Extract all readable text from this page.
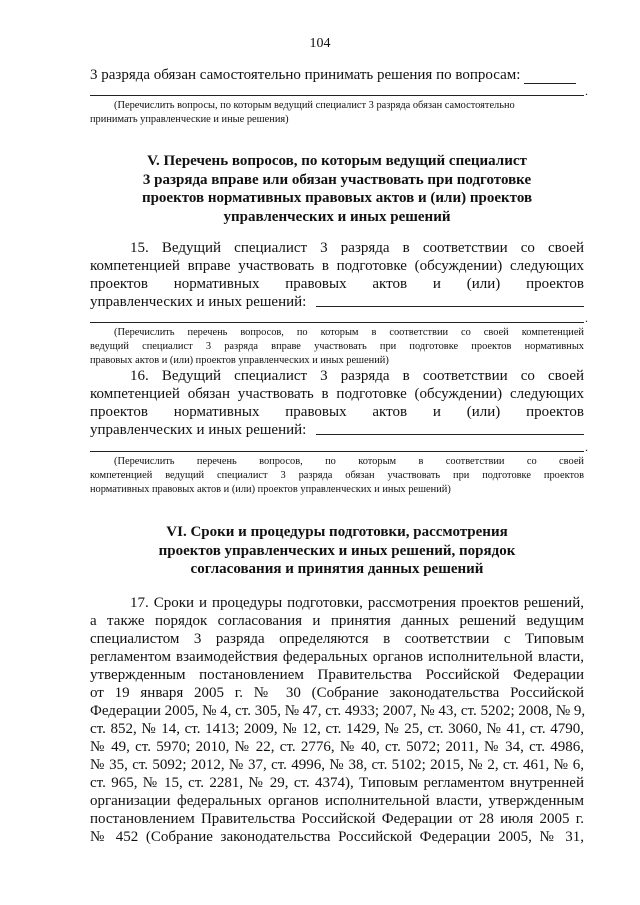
104
3 разряда обязан самостоятельно принимать решения по вопросам:
.
(Перечислить вопросы, по которым ведущий специалист 3 разряда обязан самостоятельно
принимать управленческие и иные решения)
V. Перечень вопросов, по которым ведущий специалист
3 разряда вправе или обязан участвовать при подготовке
проектов нормативных правовых актов и (или) проектов
управленческих и иных решений
15. Ведущий специалист 3 разряда в соответствии со своей
компетенцией вправе участвовать в подготовке (обсуждении) следующих
проектов нормативных правовых актов и (или) проектов
управленческих и иных решений:
.
(Перечислить перечень вопросов, по которым в соответствии со своей компетенцией
ведущий специалист 3 разряда вправе участвовать при подготовке проектов нормативных
правовых актов и (или) проектов управленческих и иных решений)
16. Ведущий специалист 3 разряда в соответствии со своей
компетенцией обязан участвовать в подготовке (обсуждении) следующих
проектов нормативных правовых актов и (или) проектов
управленческих и иных решений:
.
(Перечислить перечень вопросов, по которым в соответствии со своей
компетенцией ведущий специалист 3 разряда обязан участвовать при подготовке проектов
нормативных правовых актов и (или) проектов управленческих и иных решений)
VI. Сроки и процедуры подготовки, рассмотрения
проектов управленческих и иных решений, порядок
согласования и принятия данных решений
17. Сроки и процедуры подготовки, рассмотрения проектов решений,
а также порядок согласования и принятия данных решений ведущим
специалистом 3 разряда определяются в соответствии с Типовым
регламентом взаимодействия федеральных органов исполнительной власти,
утвержденным постановлением Правительства Российской Федерации
от 19 января 2005 г. № 30 (Собрание законодательства Российской
Федерации 2005, № 4, ст. 305, № 47, ст. 4933; 2007, № 43, ст. 5202; 2008, № 9,
ст. 852, № 14, ст. 1413; 2009, № 12, ст. 1429, № 25, ст. 3060, № 41, ст. 4790,
№ 49, ст. 5970; 2010, № 22, ст. 2776, № 40, ст. 5072; 2011, № 34, ст. 4986,
№ 35, ст. 5092; 2012, № 37, ст. 4996, № 38, ст. 5102; 2015, № 2, ст. 461, № 6,
ст. 965, № 15, ст. 2281, № 29, ст. 4374), Типовым регламентом внутренней
организации федеральных органов исполнительной власти, утвержденным
постановлением Правительства Российской Федерации от 28 июля 2005 г.
№ 452 (Собрание законодательства Российской Федерации 2005, № 31,
